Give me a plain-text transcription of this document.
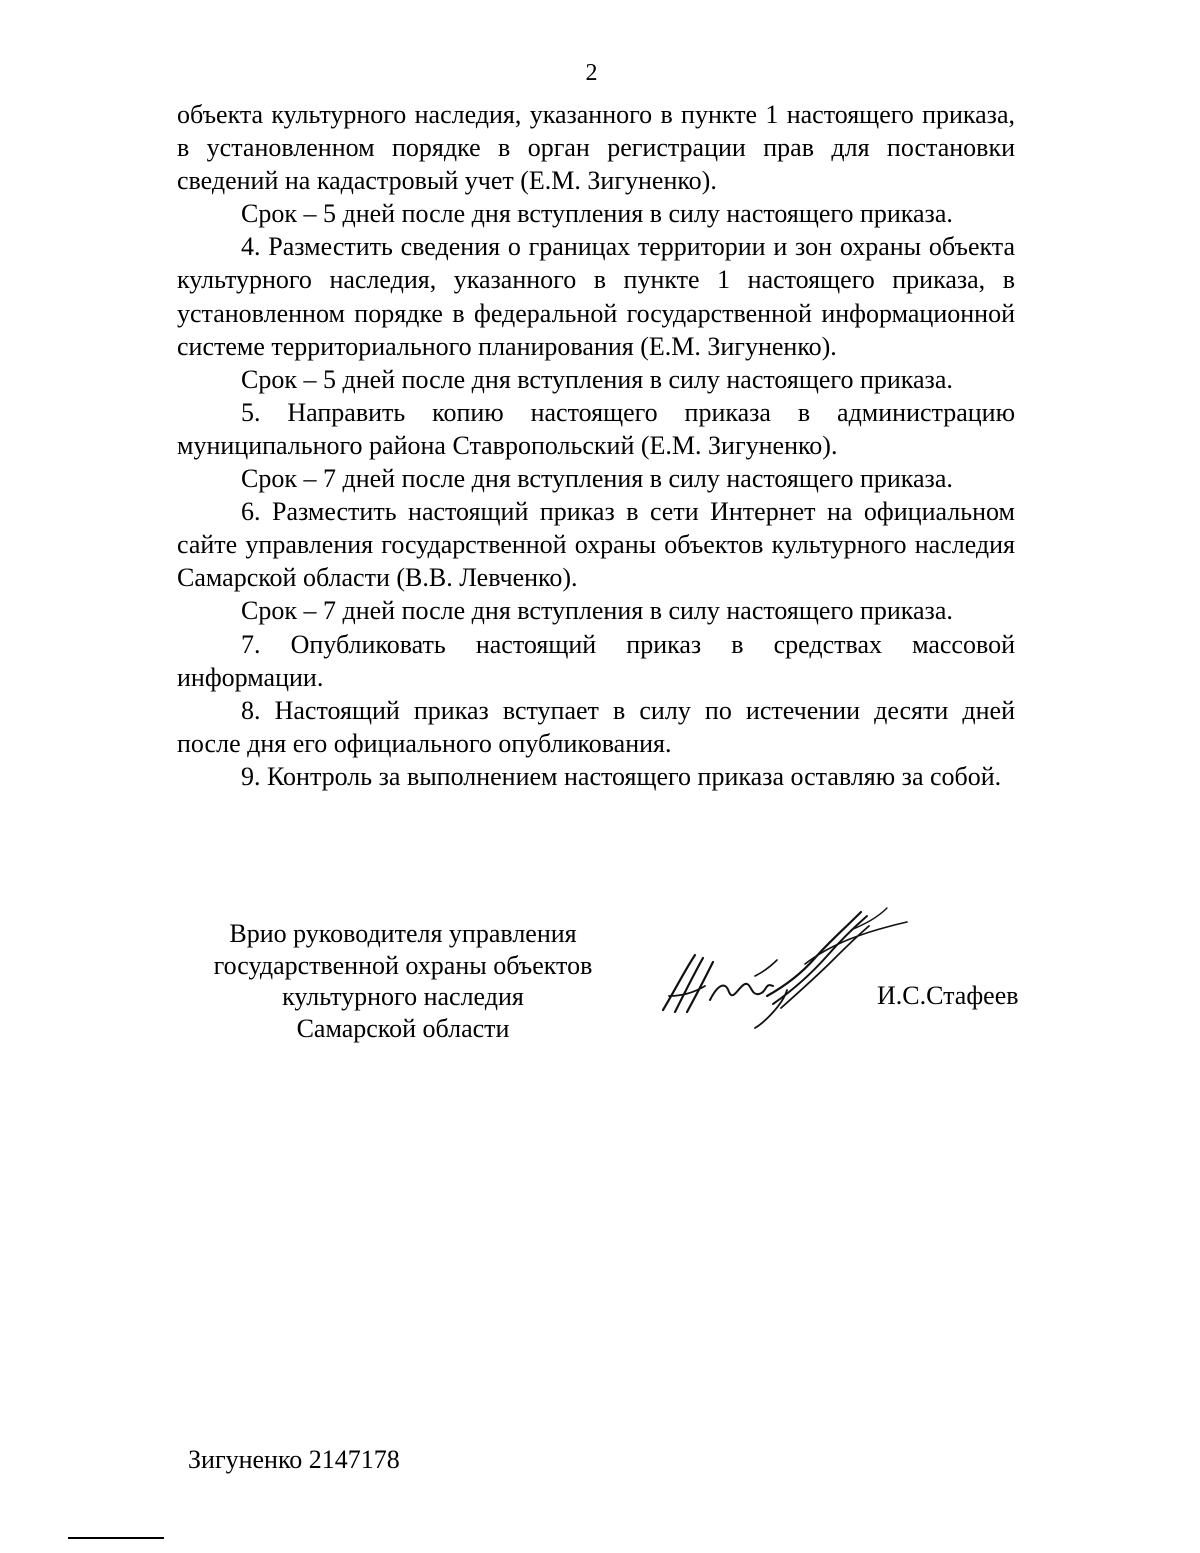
2

объекта культурного наследия, указанного в пункте 1 настоящего приказа, в установленном порядке в орган регистрации прав для постановки сведений на кадастровый учет (Е.М. Зигуненко).

Срок – 5 дней после дня вступления в силу настоящего приказа.

4. Разместить сведения о границах территории и зон охраны объекта культурного наследия, указанного в пункте 1 настоящего приказа, в установленном порядке в федеральной государственной информационной системе территориального планирования (Е.М. Зигуненко).

Срок – 5 дней после дня вступления в силу настоящего приказа.

5. Направить копию настоящего приказа в администрацию муниципального района Ставропольский (Е.М. Зигуненко).

Срок – 7 дней после дня вступления в силу настоящего приказа.

6. Разместить настоящий приказ в сети Интернет на официальном сайте управления государственной охраны объектов культурного наследия Самарской области (В.В. Левченко).

Срок – 7 дней после дня вступления в силу настоящего приказа.

7. Опубликовать настоящий приказ в средствах массовой информации.

8. Настоящий приказ вступает в силу по истечении десяти дней после дня его официального опубликования.

9. Контроль за выполнением настоящего приказа оставляю за собой.

Врио руководителя управления
государственной охраны объектов
культурного наследия
Самарской области
И.С.Стафеев
Зигуненко 2147178
